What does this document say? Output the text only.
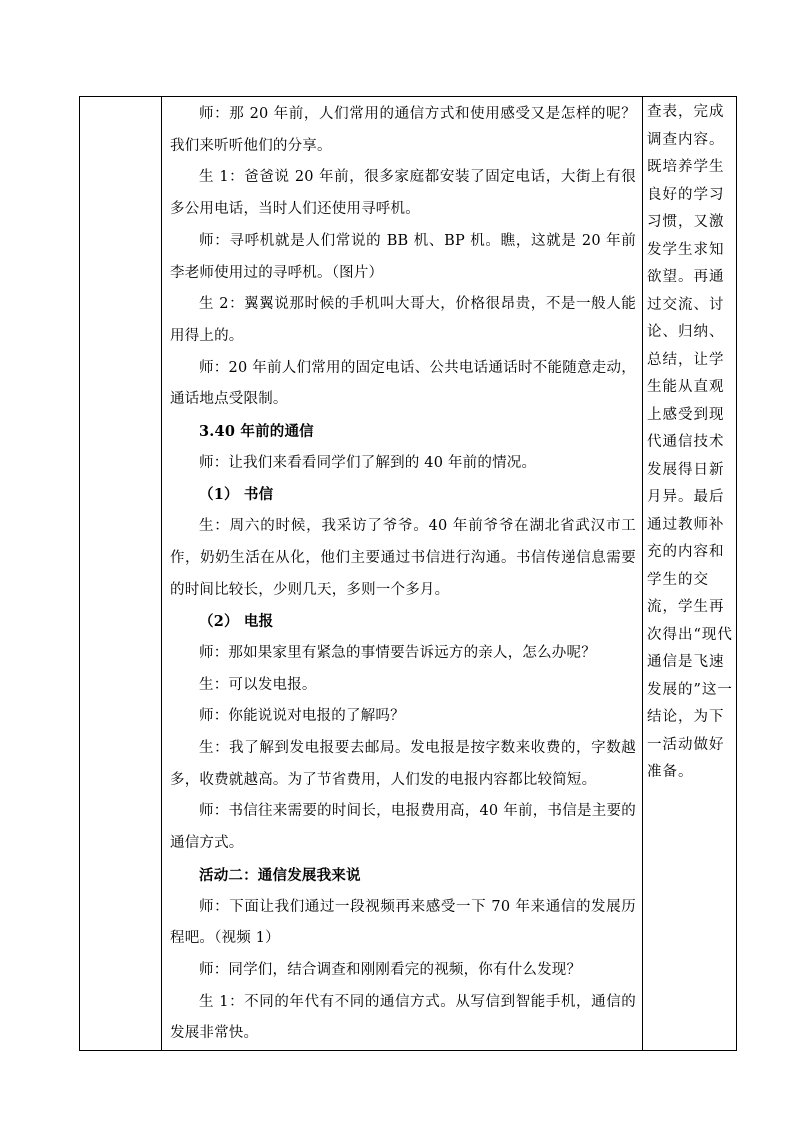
师：那 20 年前，人们常用的通信方式和使用感受又是怎样的呢？我们来听听他们的分享。

生 1：爸爸说 20 年前，很多家庭都安装了固定电话，大街上有很多公用电话，当时人们还使用寻呼机。

师：寻呼机就是人们常说的 BB 机、BP 机。瞧，这就是 20 年前李老师使用过的寻呼机。（图片）

生 2：翼翼说那时候的手机叫大哥大，价格很昂贵，不是一般人能用得上的。

师：20 年前人们常用的固定电话、公共电话通话时不能随意走动，通话地点受限制。

3.40 年前的通信

师：让我们来看看同学们了解到的 40 年前的情况。

（1） 书信

生：周六的时候，我采访了爷爷。40 年前爷爷在湖北省武汉市工作，奶奶生活在从化，他们主要通过书信进行沟通。书信传递信息需要的时间比较长，少则几天，多则一个多月。

（2） 电报

师：那如果家里有紧急的事情要告诉远方的亲人，怎么办呢？

生：可以发电报。

师：你能说说对电报的了解吗？

生：我了解到发电报要去邮局。发电报是按字数来收费的，字数越多，收费就越高。为了节省费用，人们发的电报内容都比较简短。

师：书信往来需要的时间长，电报费用高，40 年前，书信是主要的通信方式。

活动二：通信发展我来说

师：下面让我们通过一段视频再来感受一下 70 年来通信的发展历程吧。（视频 1）

师：同学们，结合调查和刚刚看完的视频，你有什么发现？

生 1：不同的年代有不同的通信方式。从写信到智能手机，通信的发展非常快。

查表，完成调查内容。既培养学生良好的学习习惯，又激发学生求知欲望。再通过交流、讨论、归纳、总结，让学生能从直观上感受到现代通信技术发展得日新月异。最后通过教师补充的内容和学生的交流，学生再次得出“现代通信是飞速发展的”这一结论，为下一活动做好准备。
